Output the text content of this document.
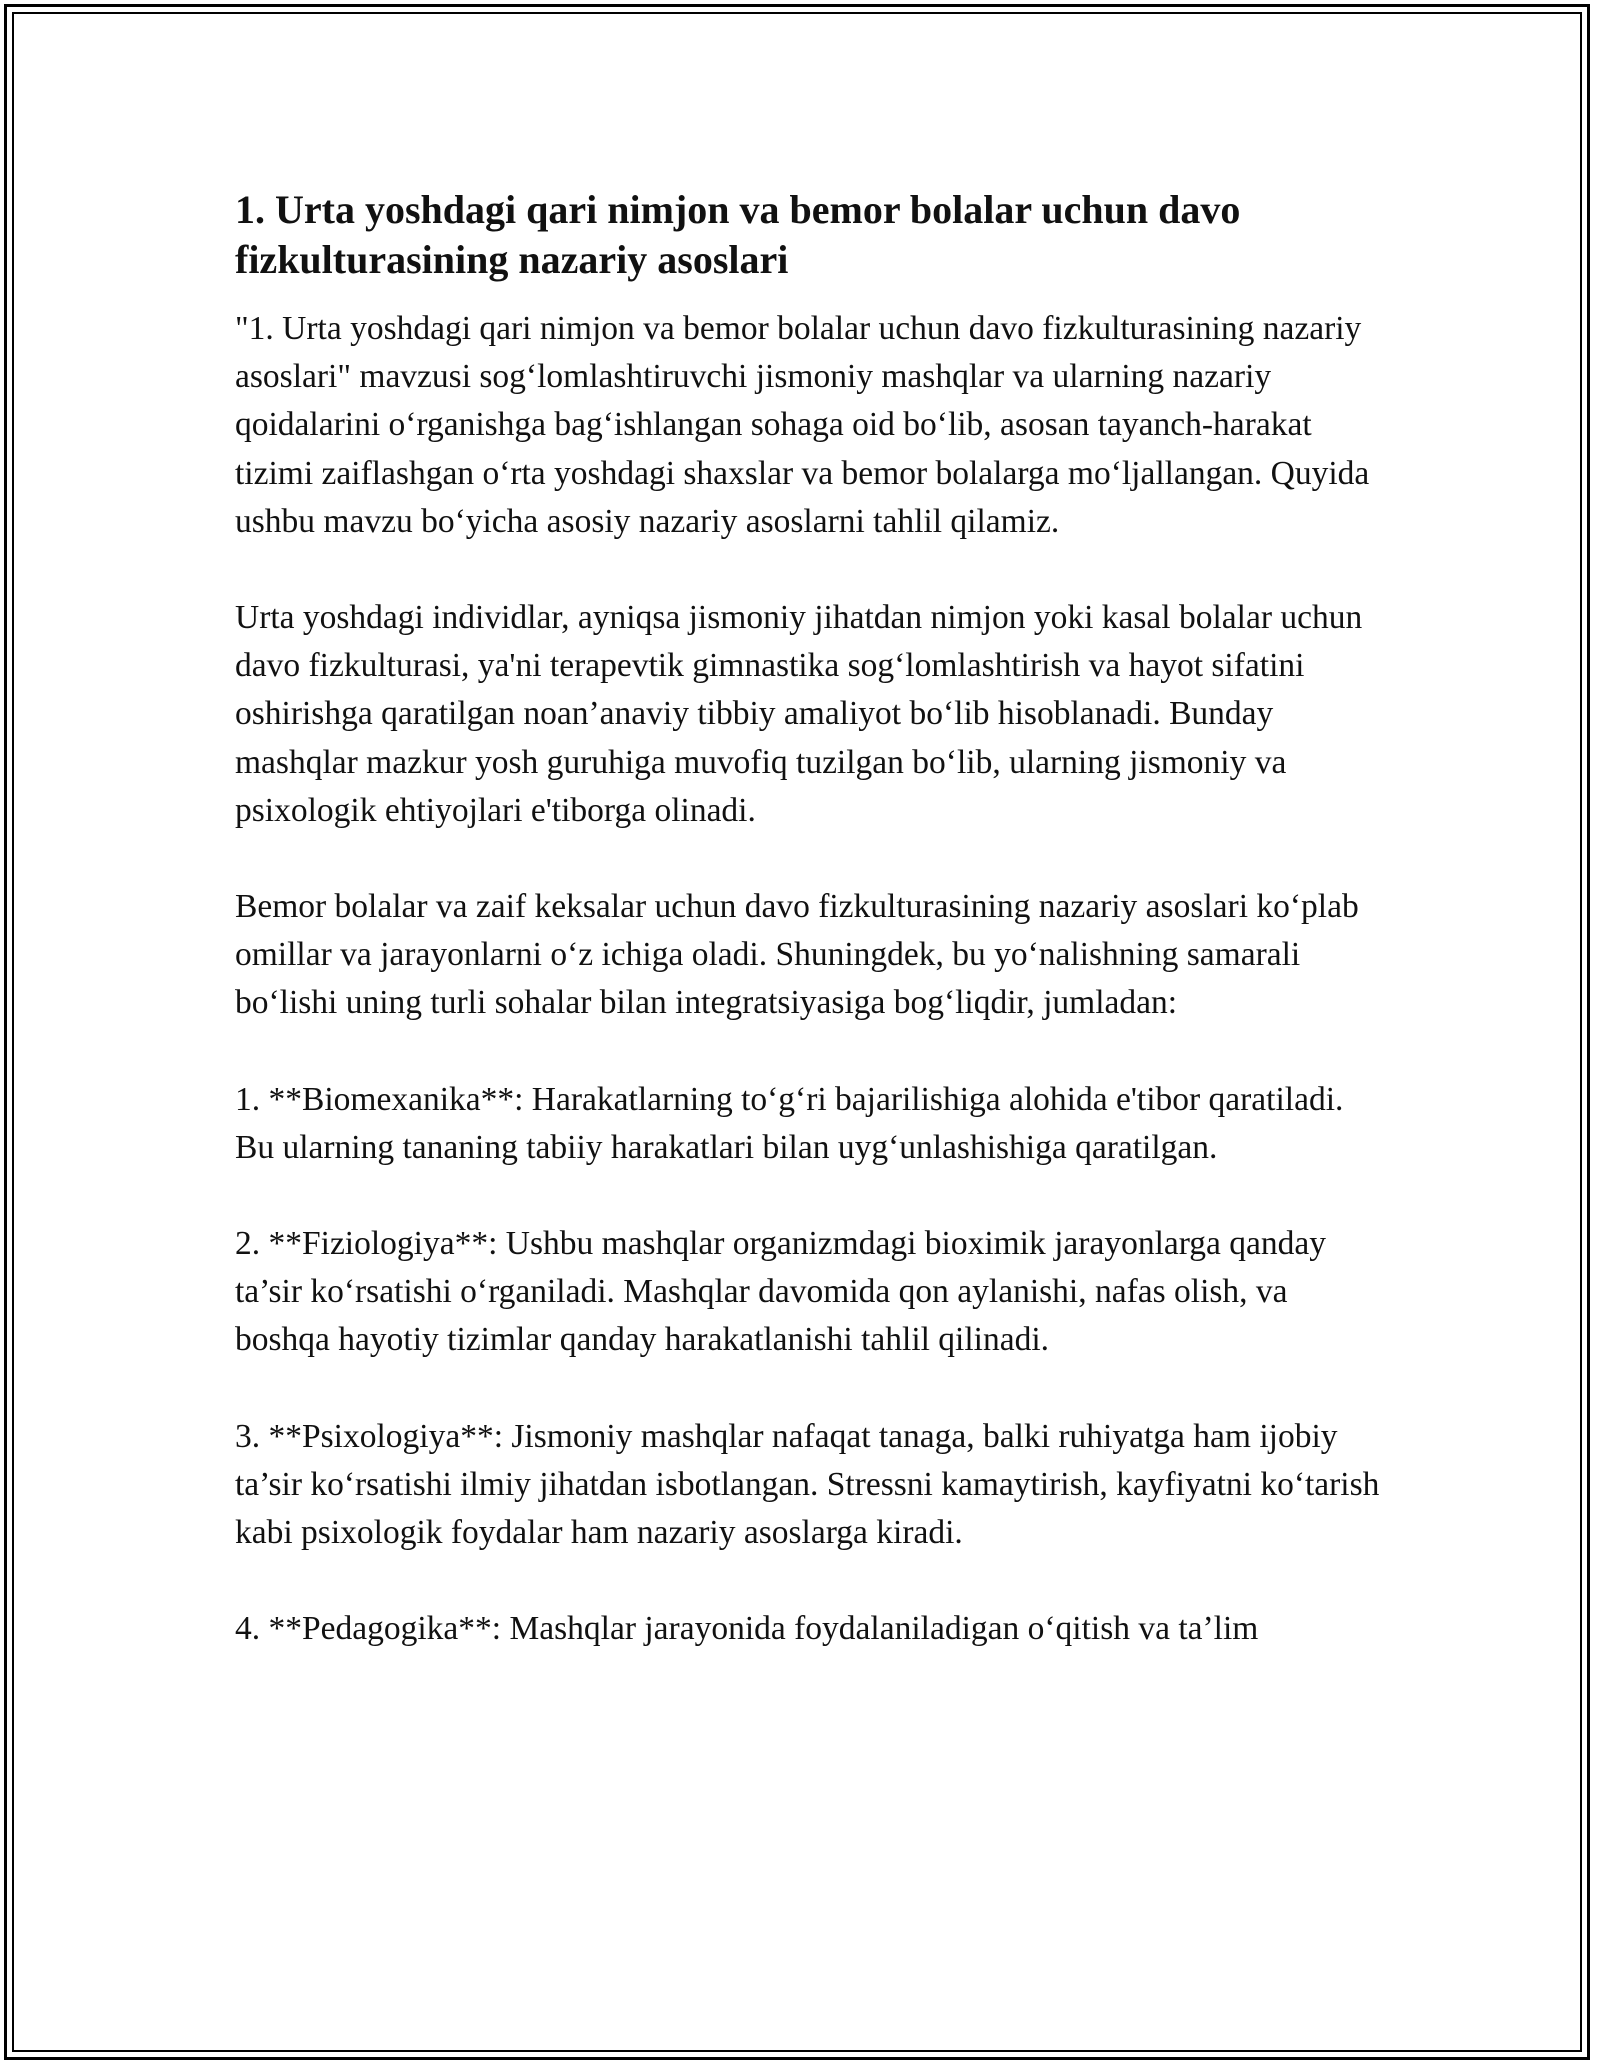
1. Urta yoshdagi qari nimjon va bemor bolalar uchun davo fizkulturasining nazariy asoslari

"1. Urta yoshdagi qari nimjon va bemor bolalar uchun davo fizkulturasining nazariy asoslari" mavzusi sog‘lomlashtiruvchi jismoniy mashqlar va ularning nazariy qoidalarini o‘rganishga bag‘ishlangan sohaga oid bo‘lib, asosan tayanch-harakat tizimi zaiflashgan o‘rta yoshdagi shaxslar va bemor bolalarga mo‘ljallangan. Quyida ushbu mavzu bo‘yicha asosiy nazariy asoslarni tahlil qilamiz.

Urta yoshdagi individlar, ayniqsa jismoniy jihatdan nimjon yoki kasal bolalar uchun davo fizkulturasi, ya'ni terapevtik gimnastika sog‘lomlashtirish va hayot sifatini oshirishga qaratilgan noan’anaviy tibbiy amaliyot bo‘lib hisoblanadi. Bunday mashqlar mazkur yosh guruhiga muvofiq tuzilgan bo‘lib, ularning jismoniy va psixologik ehtiyojlari e'tiborga olinadi.

Bemor bolalar va zaif keksalar uchun davo fizkulturasining nazariy asoslari ko‘plab omillar va jarayonlarni o‘z ichiga oladi. Shuningdek, bu yo‘nalishning samarali bo‘lishi uning turli sohalar bilan integratsiyasiga bog‘liqdir, jumladan:

1. **Biomexanika**: Harakatlarning to‘g‘ri bajarilishiga alohida e'tibor qaratiladi. Bu ularning tananing tabiiy harakatlari bilan uyg‘unlashishiga qaratilgan.

2. **Fiziologiya**: Ushbu mashqlar organizmdagi bioximik jarayonlarga qanday ta’sir ko‘rsatishi o‘rganiladi. Mashqlar davomida qon aylanishi, nafas olish, va boshqa hayotiy tizimlar qanday harakatlanishi tahlil qilinadi.

3. **Psixologiya**: Jismoniy mashqlar nafaqat tanaga, balki ruhiyatga ham ijobiy ta’sir ko‘rsatishi ilmiy jihatdan isbotlangan. Stressni kamaytirish, kayfiyatni ko‘tarish kabi psixologik foydalar ham nazariy asoslarga kiradi.

4. **Pedagogika**: Mashqlar jarayonida foydalaniladigan o‘qitish va ta’lim
